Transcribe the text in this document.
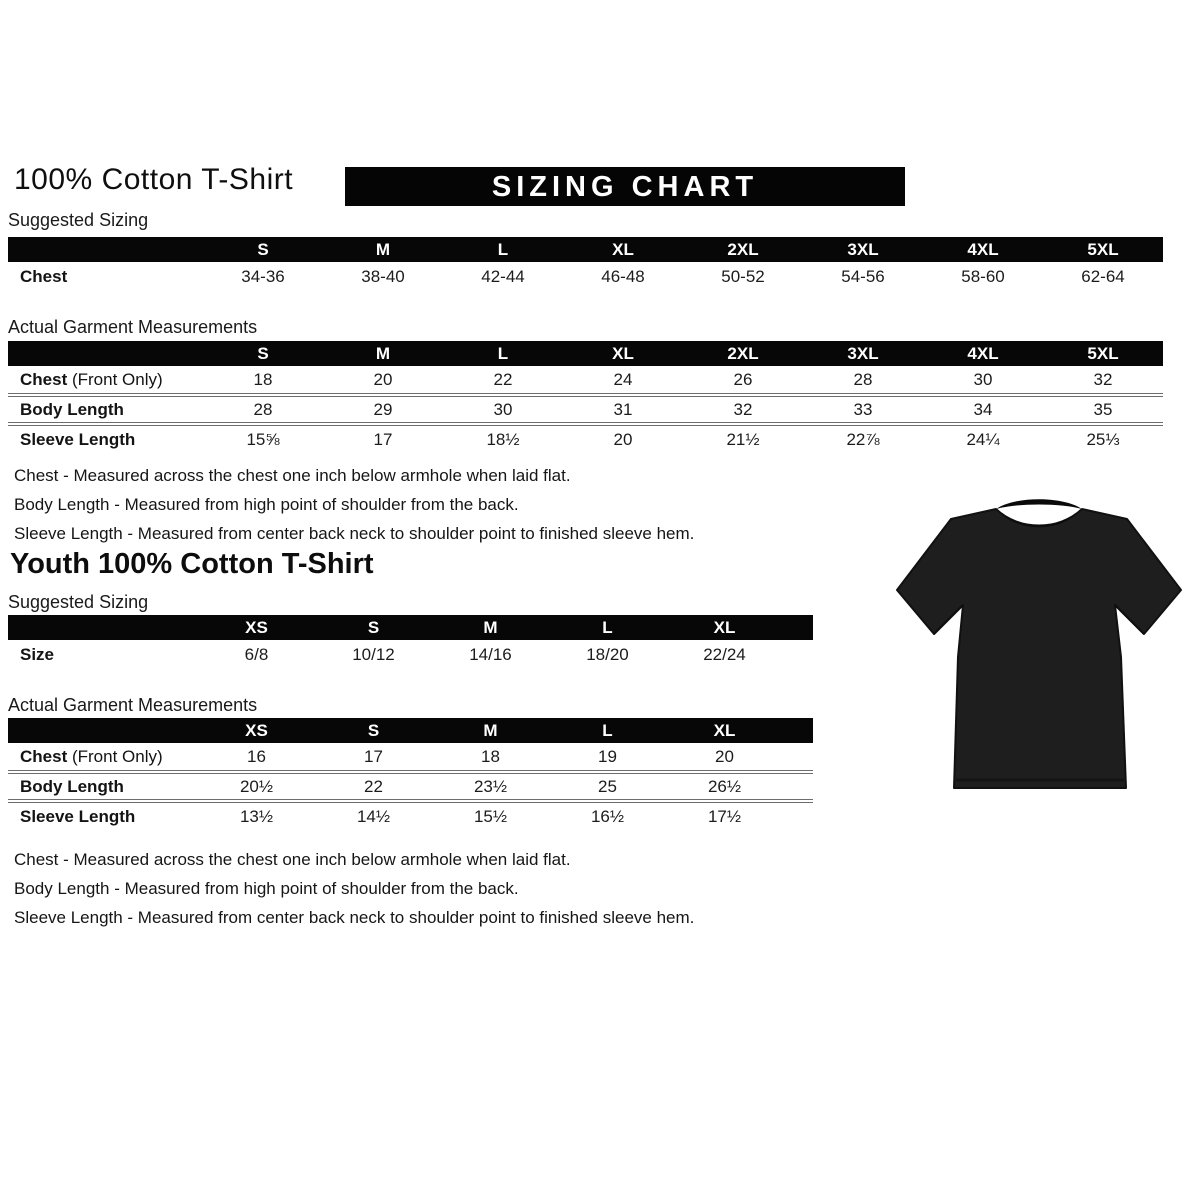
100% Cotton T-Shirt	SIZING CHART
Suggested Sizing
	S	M	L	XL	2XL	3XL	4XL	5XL
Chest	34-36	38-40	42-44	46-48	50-52	54-56	58-60	62-64
Actual Garment Measurements
	S	M	L	XL	2XL	3XL	4XL	5XL
Chest (Front Only)	18	20	22	24	26	28	30	32
Body Length	28	29	30	31	32	33	34	35
Sleeve Length	15⅝	17	18½	20	21½	22⅞	24¼	25⅓

Chest - Measured across the chest one inch below armhole when laid flat.

Body Length - Measured from high point of shoulder from the back.

Sleeve Length - Measured from center back neck to shoulder point to finished sleeve hem.

Youth 100% Cotton T-Shirt
Suggested Sizing
	XS	S	M	L	XL	
Size	6/8	10/12	14/16	18/20	22/24	
Actual Garment Measurements
	XS	S	M	L	XL	
Chest (Front Only)	16	17	18	19	20	
Body Length	20½	22	23½	25	26½	
Sleeve Length	13½	14½	15½	16½	17½	

Chest - Measured across the chest one inch below armhole when laid flat.

Body Length - Measured from high point of shoulder from the back.

Sleeve Length - Measured from center back neck to shoulder point to finished sleeve hem.
